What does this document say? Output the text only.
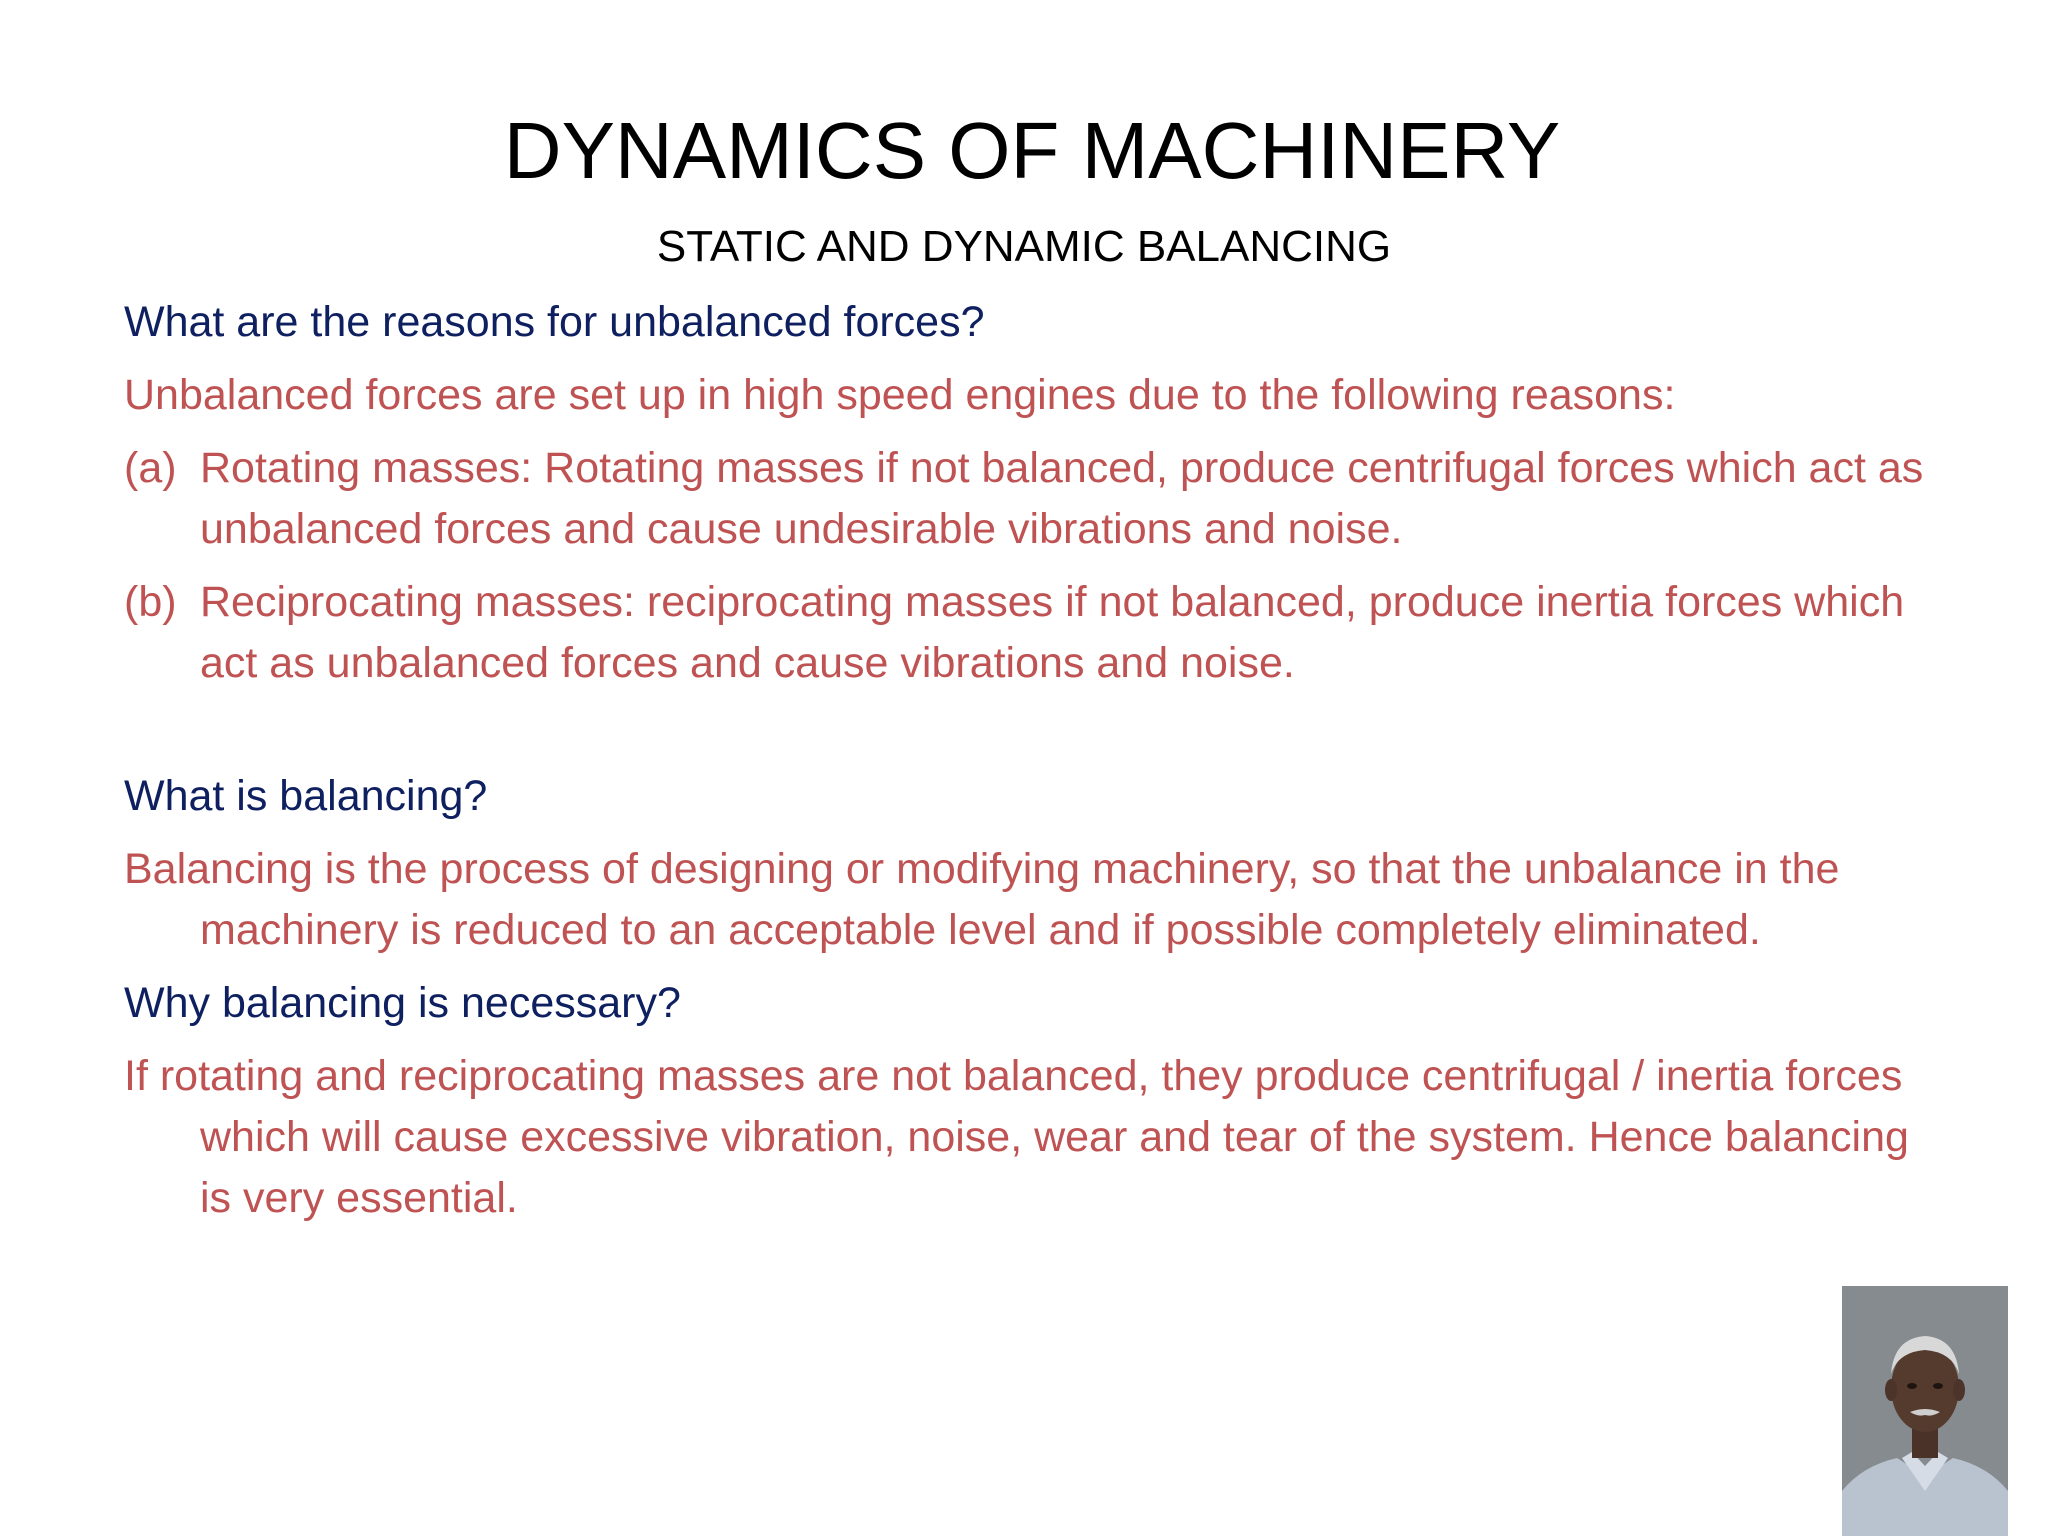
DYNAMICS OF MACHINERY
STATIC AND DYNAMIC BALANCING

What are the reasons for unbalanced forces?

Unbalanced forces are set up in high speed engines due to the following reasons:

(a) Rotating masses: Rotating masses if not balanced, produce centrifugal forces which act as unbalanced forces and cause undesirable vibrations and noise.
(b) Reciprocating masses: reciprocating masses if not balanced, produce inertia forces which act as unbalanced forces and cause vibrations and noise.

What is balancing?

Balancing is the process of designing or modifying machinery, so that the unbalance in the machinery is reduced to an acceptable level and if possible completely eliminated.

Why balancing is necessary?

If rotating and reciprocating masses are not balanced, they produce centrifugal / inertia forces which will cause excessive vibration, noise, wear and tear of the system. Hence balancing is very essential.
